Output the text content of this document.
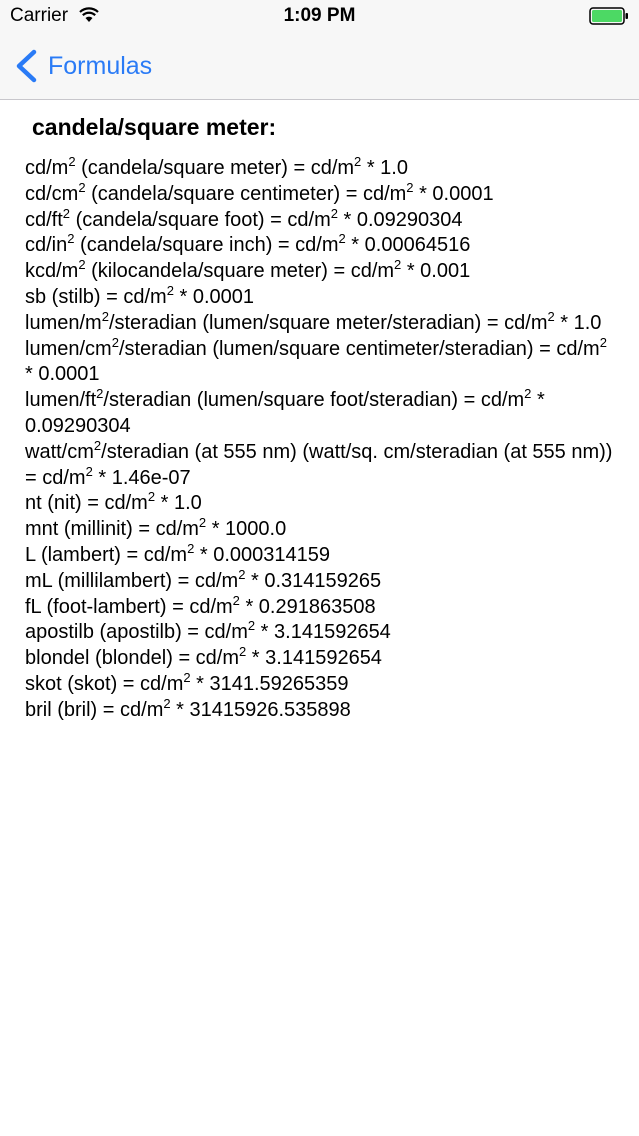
Carrier	1:09 PM
Formulas
candela/square meter:
$cd/m^2$ (candela/square meter) = $cd/m^2 * 1.0$
$cd/cm^2$ (candela/square centimeter) = $cd/m^2 * 0.0001$
$cd/ft^2$ (candela/square foot) = $cd/m^2 * 0.09290304$
$cd/in^2$ (candela/square inch) = $cd/m^2 * 0.00064516$
kcd/$m^2$ (kilocandela/square meter) = $cd/m^2 * 0.001$
sb (stilb) = $cd/m^2 * 0.0001$
lumen/$m^2$/steradian (lumen/square meter/steradian) = $cd/m^2 * 1.0$
lumen/$cm^2$/steradian (lumen/square centimeter/steradian) = $cd/m^2 * 0.0001$
lumen/$ft^2$/steradian (lumen/square foot/steradian) = $cd/m^2 * 0.09290304$
watt/$cm^2$/steradian (at 555 nm) (watt/sq. cm/steradian (at 555 $nm)) = cd/m^2 * 1.46e-07$
nt $(nit) = cd/m^2 * 1.0$
mnt (millinit) = $cd/m^2 * 1000.0$
L (lambert) = $cd/m^2 * 0.000314159$
mL (millilambert) = $cd/m^2 * 0.314159265$
fL (foot-lambert) = $cd/m^2 * 0.291863508$
apostilb (apostilb) = $cd/m^2 * 3.141592654$
blondel (blondel) = $cd/m^2 * 3.141592654$
skot (skot) = $cd/m^2 * 3141.59265359$
bril (bril) = $cd/m^2 * 31415926.535898$
